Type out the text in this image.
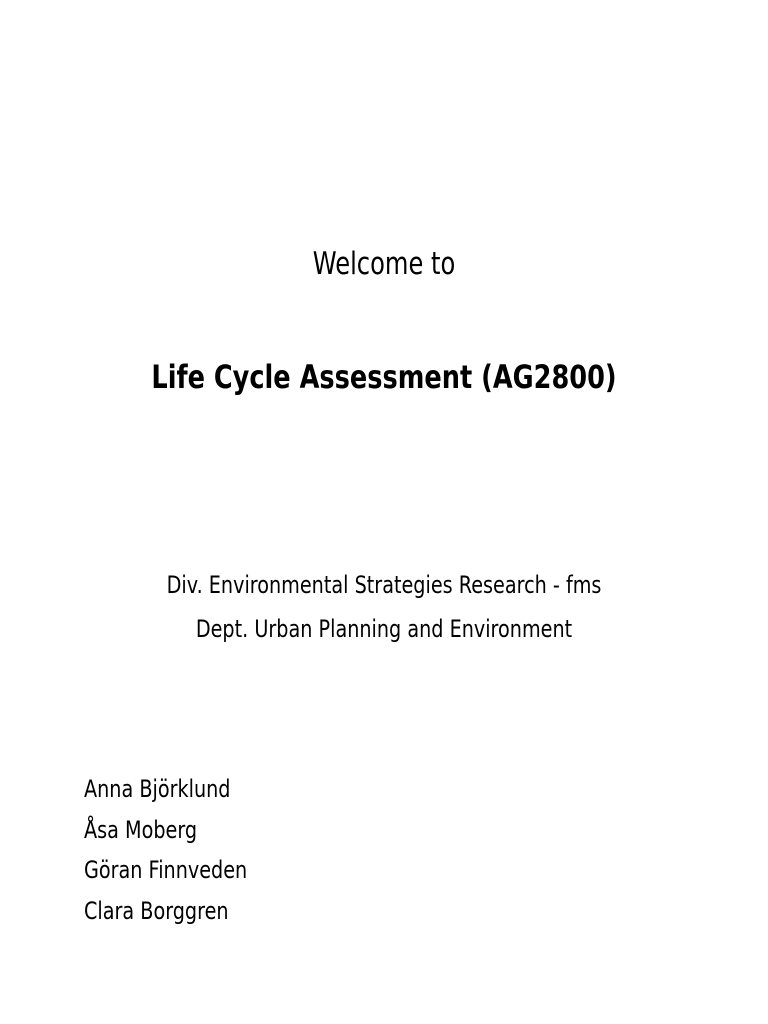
Welcome to
Life Cycle Assessment (AG2800)
Div. Environmental Strategies Research - fms
Dept. Urban Planning and Environment
Anna Björklund
Åsa Moberg
Göran Finnveden
Clara Borggren
